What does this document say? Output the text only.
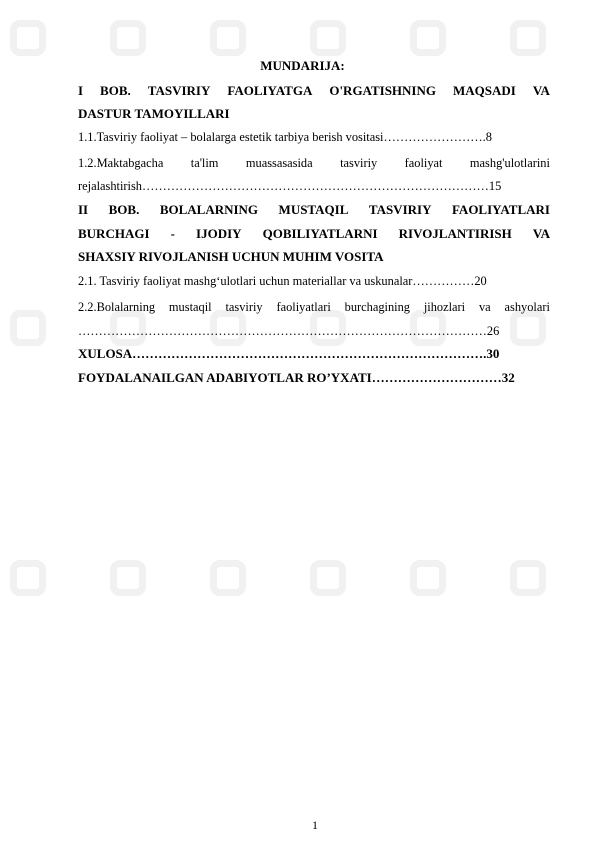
MUNDARIJA:
I BOB. TASVIRIY FAOLIYATGA O'RGATISHNING MAQSADI VA
DASTUR TAMOYILLARI
1.1.Tasviriy faoliyat – bolalarga estetik tarbiya berish vositasi…………………….8
1.2.Maktabgacha ta'lim muassasasida tasviriy faoliyat mashg'ulotlarini
rejalashtirish…………………………………………………………………………15
II BOB. BOLALARNING MUSTAQIL TASVIRIY FAOLIYATLARI
BURCHAGI - IJODIY QOBILIYATLARNI RIVOJLANTIRISH VA
SHAXSIY RIVOJLANISH UCHUN MUHIM VOSITA
2.1. Tasviriy faoliyat mashg‘ulotlari uchun materiallar va uskunalar……………20
2.2.Bolalarning mustaqil tasviriy faoliyatlari burchagining jihozlari va ashyolari
………………………………………………………………………………………26
XULOSA……………………………………………………………………….30
FOYDALANAILGAN ADABIYOTLAR RO’YXATI…………………………32
1
